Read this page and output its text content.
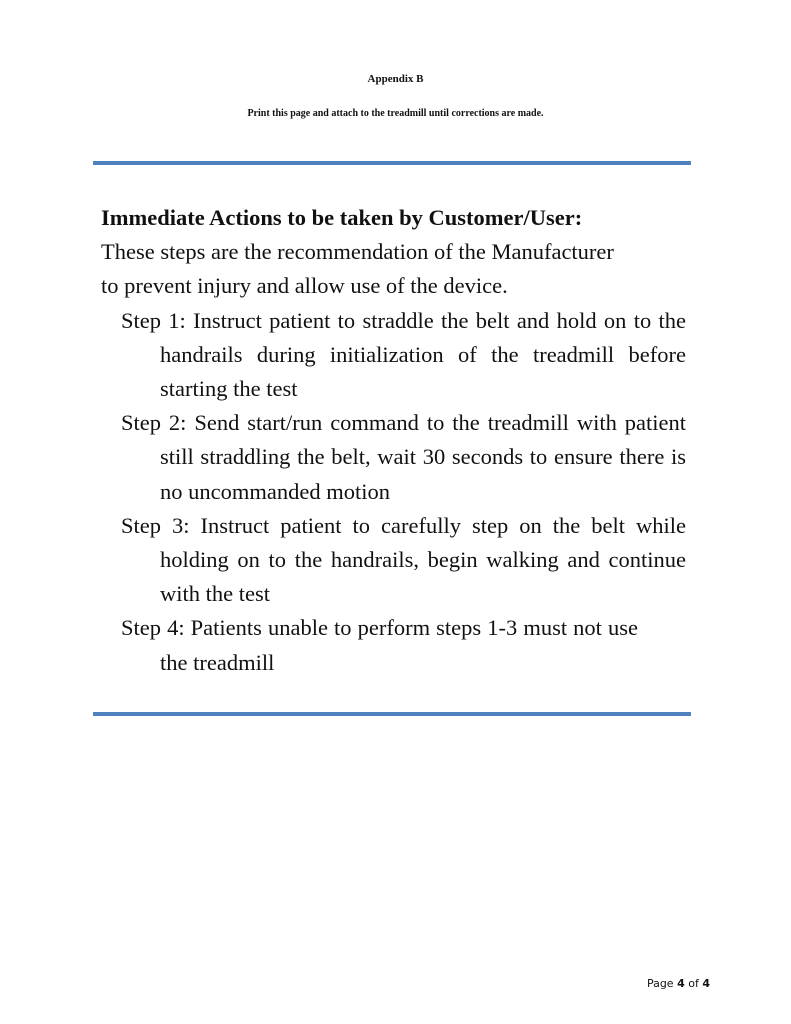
Appendix B
Print this page and attach to the treadmill until corrections are made.
Immediate Actions to be taken by Customer/User:
These steps are the recommendation of the Manufacturer
to prevent injury and allow use of the device.
Step 1: Instruct patient to straddle the belt and hold on to the handrails during initialization of the treadmill before starting the test
Step 2: Send start/run command to the treadmill with patient still straddling the belt, wait 30 seconds to ensure there is no uncommanded motion
Step 3: Instruct patient to carefully step on the belt while holding on to the handrails, begin walking and continue with the test
Step 4: Patients unable to perform steps 1-3 must not use the treadmill
Page 4 of 4
